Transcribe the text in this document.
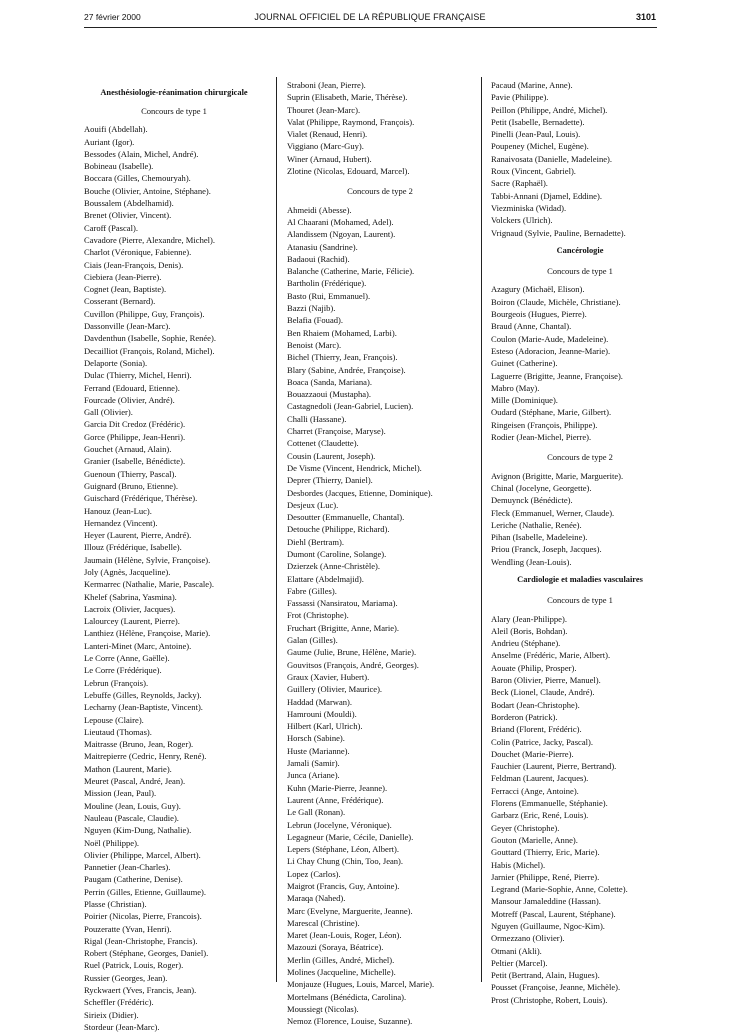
27 février 2000	JOURNAL OFFICIEL DE LA RÉPUBLIQUE FRANÇAISE	3101
Anesthésiologie-réanimation chirurgicale
Concours de type 1
Aouifi (Abdellah).
Auriant (Igor).
Bessodes (Alain, Michel, André).
Bobineau (Isabelle).
Boccara (Gilles, Chemouryah).
Bouche (Olivier, Antoine, Stéphane).
Boussalem (Abdelhamid).
Brenet (Olivier, Vincent).
Caroff (Pascal).
Cavadore (Pierre, Alexandre, Michel).
Charlot (Véronique, Fabienne).
Ciais (Jean-François, Denis).
Ciebiera (Jean-Pierre).
Cognet (Jean, Baptiste).
Cosserant (Bernard).
Cuvillon (Philippe, Guy, François).
Dassonville (Jean-Marc).
Davdenthun (Isabelle, Sophie, Renée).
Decailliot (François, Roland, Michel).
Delaporte (Sonia).
Dulac (Thierry, Michel, Henri).
Ferrand (Edouard, Etienne).
Fourcade (Olivier, André).
Gall (Olivier).
Garcia Dit Credoz (Frédéric).
Gorce (Philippe, Jean-Henri).
Gouchet (Arnaud, Alain).
Granier (Isabelle, Bénédicte).
Guenoun (Thierry, Pascal).
Guignard (Bruno, Etienne).
Guischard (Frédérique, Thérèse).
Hanouz (Jean-Luc).
Hernandez (Vincent).
Heyer (Laurent, Pierre, André).
Illouz (Frédérique, Isabelle).
Jaumain (Hélène, Sylvie, Françoise).
Joly (Agnès, Jacqueline).
Kermarrec (Nathalie, Marie, Pascale).
Khelef (Sabrina, Yasmina).
Lacroix (Olivier, Jacques).
Lalourcey (Laurent, Pierre).
Lanthiez (Hélène, Françoise, Marie).
Lanteri-Minet (Marc, Antoine).
Le Corre (Anne, Gaëlle).
Le Corre (Frédérique).
Lebrun (François).
Lebuffe (Gilles, Reynolds, Jacky).
Lecharny (Jean-Baptiste, Vincent).
Lepouse (Claire).
Lieutaud (Thomas).
Maitrasse (Bruno, Jean, Roger).
Maitrepierre (Cedric, Henry, René).
Mathon (Laurent, Marie).
Meuret (Pascal, André, Jean).
Mission (Jean, Paul).
Mouline (Jean, Louis, Guy).
Nauleau (Pascale, Claudie).
Nguyen (Kim-Dung, Nathalie).
Noël (Philippe).
Olivier (Philippe, Marcel, Albert).
Pannetier (Jean-Charles).
Paugam (Catherine, Denise).
Perrin (Gilles, Etienne, Guillaume).
Plasse (Christian).
Poirier (Nicolas, Pierre, Francois).
Pouzeratte (Yvan, Henri).
Rigal (Jean-Christophe, Francis).
Robert (Stéphane, Georges, Daniel).
Ruel (Patrick, Louis, Roger).
Russier (Georges, Jean).
Ryckwaert (Yves, Francis, Jean).
Scheffler (Frédéric).
Sirieix (Didier).
Stordeur (Jean-Marc).
Straboni (Jean, Pierre).
Suprin (Elisabeth, Marie, Thérèse).
Thouret (Jean-Marc).
Valat (Philippe, Raymond, François).
Vialet (Renaud, Henri).
Viggiano (Marc-Guy).
Winer (Arnaud, Hubert).
Zlotine (Nicolas, Edouard, Marcel).
Concours de type 2
Ahmeidi (Abesse).
Al Chaarani (Mohamed, Adel).
Alandissem (Ngoyan, Laurent).
Atanasiu (Sandrine).
Badaoui (Rachid).
Balanche (Catherine, Marie, Félicie).
Bartholin (Frédérique).
Basto (Rui, Emmanuel).
Bazzi (Najib).
Belafia (Fouad).
Ben Rhaiem (Mohamed, Larbi).
Benoist (Marc).
Bichel (Thierry, Jean, François).
Blary (Sabine, Andrée, Françoise).
Boaca (Sanda, Mariana).
Bouazzaoui (Mustapha).
Castagnedoli (Jean-Gabriel, Lucien).
Challi (Hassane).
Charret (Françoise, Maryse).
Cottenet (Claudette).
Cousin (Laurent, Joseph).
De Visme (Vincent, Hendrick, Michel).
Deprer (Thierry, Daniel).
Desbordes (Jacques, Etienne, Dominique).
Desjeux (Luc).
Desoutter (Emmanuelle, Chantal).
Detouche (Philippe, Richard).
Diehl (Bertram).
Dumont (Caroline, Solange).
Dzierzek (Anne-Christèle).
Elattare (Abdelmajid).
Fabre (Gilles).
Fassassi (Nansiratou, Mariama).
Frot (Christophe).
Fruchart (Brigitte, Anne, Marie).
Galan (Gilles).
Gaume (Julie, Brune, Hélène, Marie).
Gouvitsos (François, André, Georges).
Graux (Xavier, Hubert).
Guillery (Olivier, Maurice).
Haddad (Marwan).
Hamrouni (Mouldi).
Hilbert (Karl, Ulrich).
Horsch (Sabine).
Huste (Marianne).
Jamali (Samir).
Junca (Ariane).
Kuhn (Marie-Pierre, Jeanne).
Laurent (Anne, Frédérique).
Le Gall (Ronan).
Lebrun (Jocelyne, Véronique).
Legagneur (Marie, Cécile, Danielle).
Lepers (Stéphane, Léon, Albert).
Li Chay Chung (Chin, Too, Jean).
Lopez (Carlos).
Maigrot (Francis, Guy, Antoine).
Maraqa (Nahed).
Marc (Evelyne, Marguerite, Jeanne).
Marescal (Christine).
Maret (Jean-Louis, Roger, Léon).
Mazouzi (Soraya, Béatrice).
Merlin (Gilles, André, Michel).
Molines (Jacqueline, Michelle).
Monjauze (Hugues, Louis, Marcel, Marie).
Mortelmans (Bénédicta, Carolina).
Moussiegt (Nicolas).
Nemoz (Florence, Louise, Suzanne).
Pacaud (Marine, Anne).
Pavie (Philippe).
Peillon (Philippe, André, Michel).
Petit (Isabelle, Bernadette).
Pinelli (Jean-Paul, Louis).
Poupeney (Michel, Eugène).
Ranaivosata (Danielle, Madeleine).
Roux (Vincent, Gabriel).
Sacre (Raphaël).
Tabbi-Annani (Djamel, Eddine).
Viezminiska (Widad).
Volckers (Ulrich).
Vrignaud (Sylvie, Pauline, Bernadette).
Cancérologie
Concours de type 1
Azagury (Michaël, Elison).
Boiron (Claude, Michèle, Christiane).
Bourgeois (Hugues, Pierre).
Braud (Anne, Chantal).
Coulon (Marie-Aude, Madeleine).
Esteso (Adoracion, Jeanne-Marie).
Guinet (Catherine).
Laguerre (Brigitte, Jeanne, Françoise).
Mabro (May).
Mille (Dominique).
Oudard (Stéphane, Marie, Gilbert).
Ringeisen (François, Philippe).
Rodier (Jean-Michel, Pierre).
Concours de type 2
Avignon (Brigitte, Marie, Marguerite).
Chinal (Jocelyne, Georgette).
Demuynck (Bénédicte).
Fleck (Emmanuel, Werner, Claude).
Leriche (Nathalie, Renée).
Pihan (Isabelle, Madeleine).
Priou (Franck, Joseph, Jacques).
Wendling (Jean-Louis).
Cardiologie et maladies vasculaires
Concours de type 1
Alary (Jean-Philippe).
Aleil (Boris, Bohdan).
Andrieu (Stéphane).
Anselme (Frédéric, Marie, Albert).
Aouate (Philip, Prosper).
Baron (Olivier, Pierre, Manuel).
Beck (Lionel, Claude, André).
Bodart (Jean-Christophe).
Borderon (Patrick).
Briand (Florent, Frédéric).
Colin (Patrice, Jacky, Pascal).
Douchet (Marie-Pierre).
Fauchier (Laurent, Pierre, Bertrand).
Feldman (Laurent, Jacques).
Ferracci (Ange, Antoine).
Florens (Emmanuelle, Stéphanie).
Garbarz (Eric, René, Louis).
Geyer (Christophe).
Gouton (Marielle, Anne).
Gouttard (Thierry, Eric, Marie).
Habis (Michel).
Jarnier (Philippe, René, Pierre).
Legrand (Marie-Sophie, Anne, Colette).
Mansour Jamaleddine (Hassan).
Motreff (Pascal, Laurent, Stéphane).
Nguyen (Guillaume, Ngoc-Kim).
Ormezzano (Olivier).
Otmani (Akli).
Peltier (Marcel).
Petit (Bertrand, Alain, Hugues).
Pousset (Françoise, Jeanne, Michèle).
Prost (Christophe, Robert, Louis).
